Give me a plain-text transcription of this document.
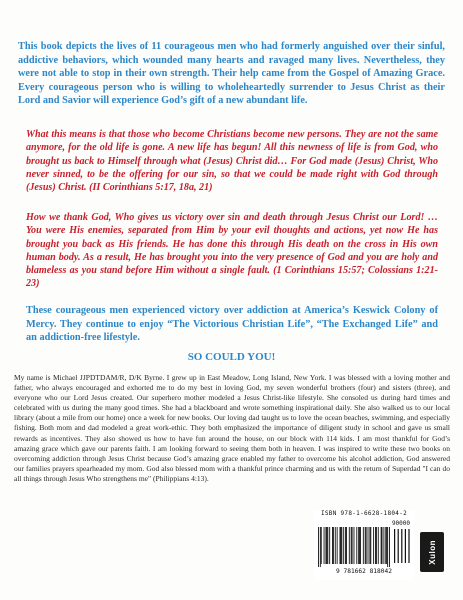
This book depicts the lives of 11 courageous men who had formerly anguished over their sinful, addictive behaviors, which wounded many hearts and ravaged many lives. Nevertheless, they were not able to stop in their own strength. Their help came from the Gospel of Amazing Grace. Every courageous person who is willing to wholeheartedly surrender to Jesus Christ as their Lord and Savior will experience God’s gift of a new abundant life.

What this means is that those who become Christians become new persons. They are not the same anymore, for the old life is gone. A new life has begun! All this newness of life is from God, who brought us back to Himself through what (Jesus) Christ did… For God made (Jesus) Christ, Who never sinned, to be the offering for our sin, so that we could be made right with God through (Jesus) Christ. (II Corinthians 5:17, 18a, 21)

How we thank God, Who gives us victory over sin and death through Jesus Christ our Lord! … You were His enemies, separated from Him by your evil thoughts and actions, yet now He has brought you back as His friends. He has done this through His death on the cross in His own human body. As a result, He has brought you into the very presence of God and you are holy and blameless as you stand before Him without a single fault. (1 Corinthians 15:57; Colossians 1:21-23)

These courageous men experienced victory over addiction at America’s Keswick Colony of Mercy. They continue to enjoy “The Victorious Christian Life”, “The Exchanged Life” and an addiction-free lifestyle.

SO COULD YOU!

My name is Michael JJPDTDAM/R, D/K Byrne. I grew up in East Meadow, Long Island, New York. I was blessed with a loving mother and father, who always encouraged and exhorted me to do my best in loving God, my seven wonderful brothers (four) and sisters (three), and everyone who our Lord Jesus created. Our superhero mother modeled a Jesus Christ-like lifestyle. She consoled us during hard times and celebrated with us during the many good times. She had a blackboard and wrote something inspirational daily. She also walked us to our local library (about a mile from our home) once a week for new books. Our loving dad taught us to love the ocean beaches, swimming, and especially fishing. Both mom and dad modeled a great work-ethic. They both emphasized the importance of diligent study in school and gave us small rewards as incentives. They also showed us how to have fun around the house, on our block with 114 kids. I am most thankful for God’s amazing grace which gave our parents faith. I am looking forward to seeing them both in heaven. I was inspired to write these two books on overcoming addiction through Jesus Christ because God’s amazing grace enabled my father to overcome his alcohol addiction, God answered our families prayers spearheaded my mom. God also blessed mom with a thankful prince charming and us with the return of Superdad "I can do all things through Jesus Who strengthens me" (Philippians 4:13).

ISBN 978-1-6628-1804-2
90000
9 781662 818042
Xulon
